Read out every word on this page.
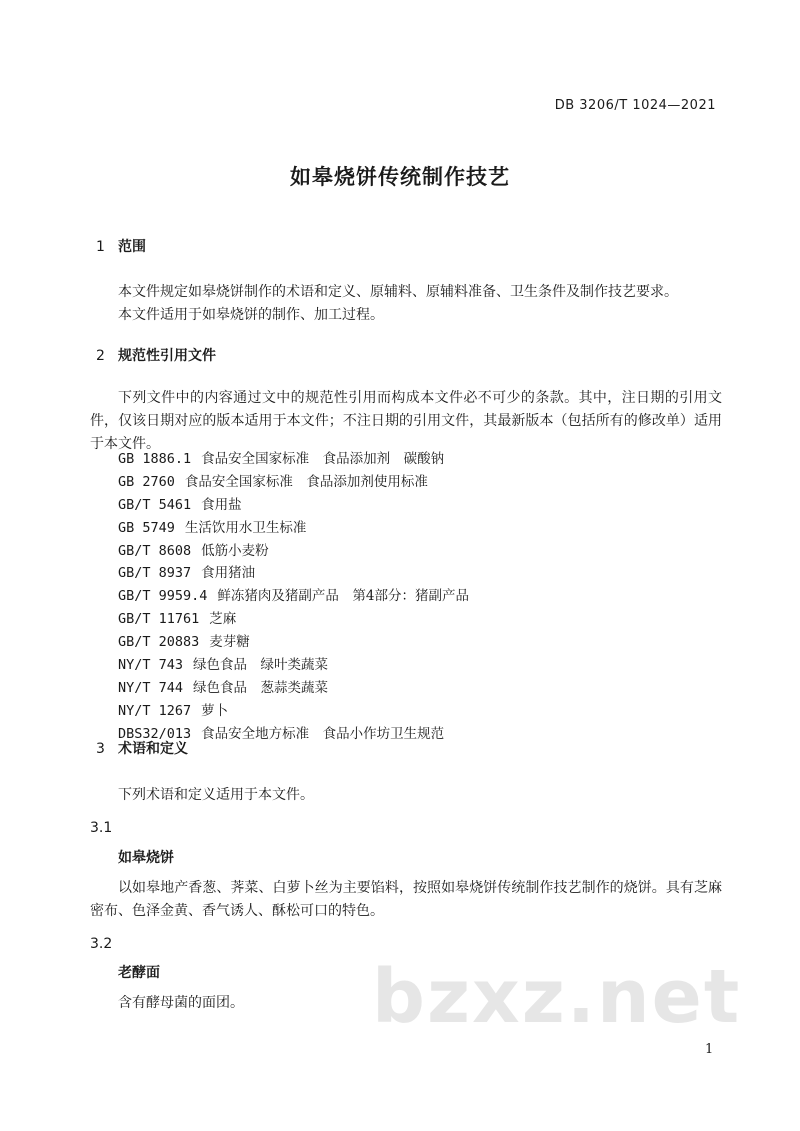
DB 3206/T 1024—2021
如皋烧饼传统制作技艺
1 范围
本文件规定如皋烧饼制作的术语和定义、原辅料、原辅料准备、卫生条件及制作技艺要求。
本文件适用于如皋烧饼的制作、加工过程。
2 规范性引用文件
下列文件中的内容通过文中的规范性引用而构成本文件必不可少的条款。其中，注日期的引用文件，仅该日期对应的版本适用于本文件；不注日期的引用文件，其最新版本（包括所有的修改单）适用于本文件。
GB 1886.1 食品安全国家标准　食品添加剂　碳酸钠
GB 2760 食品安全国家标准　食品添加剂使用标准
GB/T 5461 食用盐
GB 5749 生活饮用水卫生标准
GB/T 8608 低筋小麦粉
GB/T 8937 食用猪油
GB/T 9959.4 鲜冻猪肉及猪副产品　第4部分：猪副产品
GB/T 11761 芝麻
GB/T 20883 麦芽糖
NY/T 743 绿色食品　绿叶类蔬菜
NY/T 744 绿色食品　葱蒜类蔬菜
NY/T 1267 萝卜
DBS32/013 食品安全地方标准　食品小作坊卫生规范
3 术语和定义
下列术语和定义适用于本文件。
3.1
如皋烧饼
以如皋地产香葱、荠菜、白萝卜丝为主要馅料，按照如皋烧饼传统制作技艺制作的烧饼。具有芝麻密布、色泽金黄、香气诱人、酥松可口的特色。
3.2
老酵面
含有酵母菌的面团。	bzxz.net
1
